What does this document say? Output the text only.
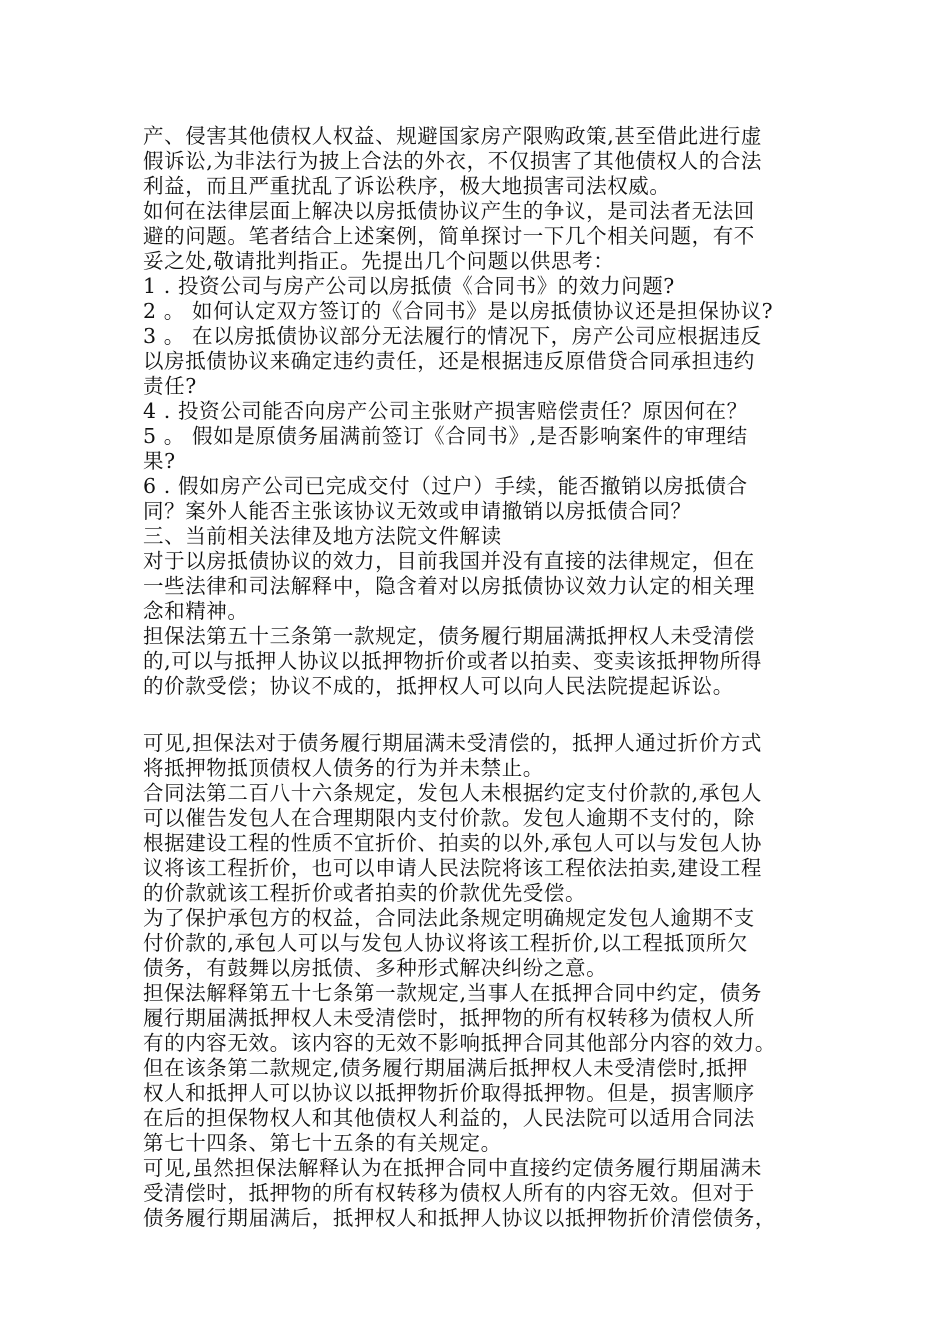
产、侵害其他债权人权益、规避国家房产限购政策,甚至借此进行虚
假诉讼,为非法行为披上合法的外衣，不仅损害了其他债权人的合法
利益，而且严重扰乱了诉讼秩序，极大地损害司法权威。
如何在法律层面上解决以房抵债协议产生的争议，是司法者无法回
避的问题。笔者结合上述案例，简单探讨一下几个相关问题，有不
妥之处,敬请批判指正。先提出几个问题以供思考：
1 . 投资公司与房产公司以房抵债《合同书》的效力问题?
2 。 如何认定双方签订的《合同书》是以房抵债协议还是担保协议?
3 。 在以房抵债协议部分无法履行的情况下，房产公司应根据违反
以房抵债协议来确定违约责任，还是根据违反原借贷合同承担违约
责任?
4 . 投资公司能否向房产公司主张财产损害赔偿责任？原因何在？
5 。 假如是原债务届满前签订《合同书》,是否影响案件的审理结
果?
6 . 假如房产公司已完成交付（过户）手续，能否撤销以房抵债合
同？案外人能否主张该协议无效或申请撤销以房抵债合同？
三、当前相关法律及地方法院文件解读
对于以房抵债协议的效力，目前我国并没有直接的法律规定，但在
一些法律和司法解释中，隐含着对以房抵债协议效力认定的相关理
念和精神。
担保法第五十三条第一款规定，债务履行期届满抵押权人未受清偿
的,可以与抵押人协议以抵押物折价或者以拍卖、变卖该抵押物所得
的价款受偿；协议不成的，抵押权人可以向人民法院提起诉讼。
可见,担保法对于债务履行期届满未受清偿的，抵押人通过折价方式
将抵押物抵顶债权人债务的行为并未禁止。
合同法第二百八十六条规定，发包人未根据约定支付价款的,承包人
可以催告发包人在合理期限内支付价款。发包人逾期不支付的，除
根据建设工程的性质不宜折价、拍卖的以外,承包人可以与发包人协
议将该工程折价，也可以申请人民法院将该工程依法拍卖,建设工程
的价款就该工程折价或者拍卖的价款优先受偿。
为了保护承包方的权益，合同法此条规定明确规定发包人逾期不支
付价款的,承包人可以与发包人协议将该工程折价,以工程抵顶所欠
债务，有鼓舞以房抵债、多种形式解决纠纷之意。
担保法解释第五十七条第一款规定,当事人在抵押合同中约定，债务
履行期届满抵押权人未受清偿时，抵押物的所有权转移为债权人所
有的内容无效。该内容的无效不影响抵押合同其他部分内容的效力。
但在该条第二款规定,债务履行期届满后抵押权人未受清偿时,抵押
权人和抵押人可以协议以抵押物折价取得抵押物。但是，损害顺序
在后的担保物权人和其他债权人利益的，人民法院可以适用合同法
第七十四条、第七十五条的有关规定。
可见,虽然担保法解释认为在抵押合同中直接约定债务履行期届满未
受清偿时，抵押物的所有权转移为债权人所有的内容无效。但对于
债务履行期届满后，抵押权人和抵押人协议以抵押物折价清偿债务，
